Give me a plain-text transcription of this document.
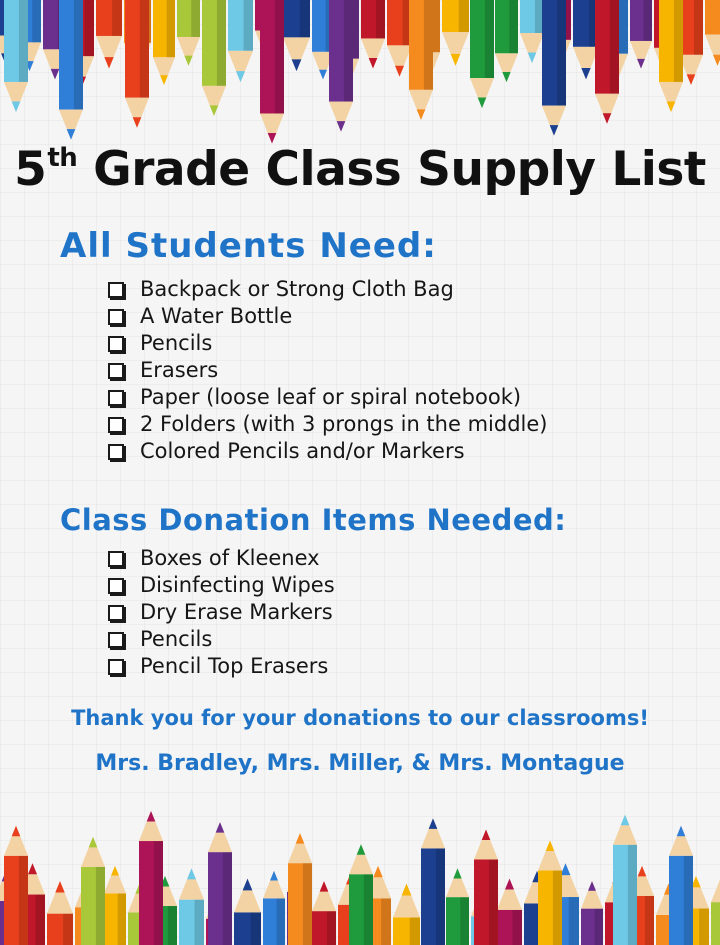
5th Grade Class Supply List
All Students Need:
Backpack or Strong Cloth Bag
A Water Bottle
Pencils
Erasers
Paper (loose leaf or spiral notebook)
2 Folders (with 3 prongs in the middle)
Colored Pencils and/or Markers
Class Donation Items Needed:
Boxes of Kleenex
Disinfecting Wipes
Dry Erase Markers
Pencils
Pencil Top Erasers
Thank you for your donations to our classrooms!
Mrs. Bradley, Mrs. Miller, & Mrs. Montague
